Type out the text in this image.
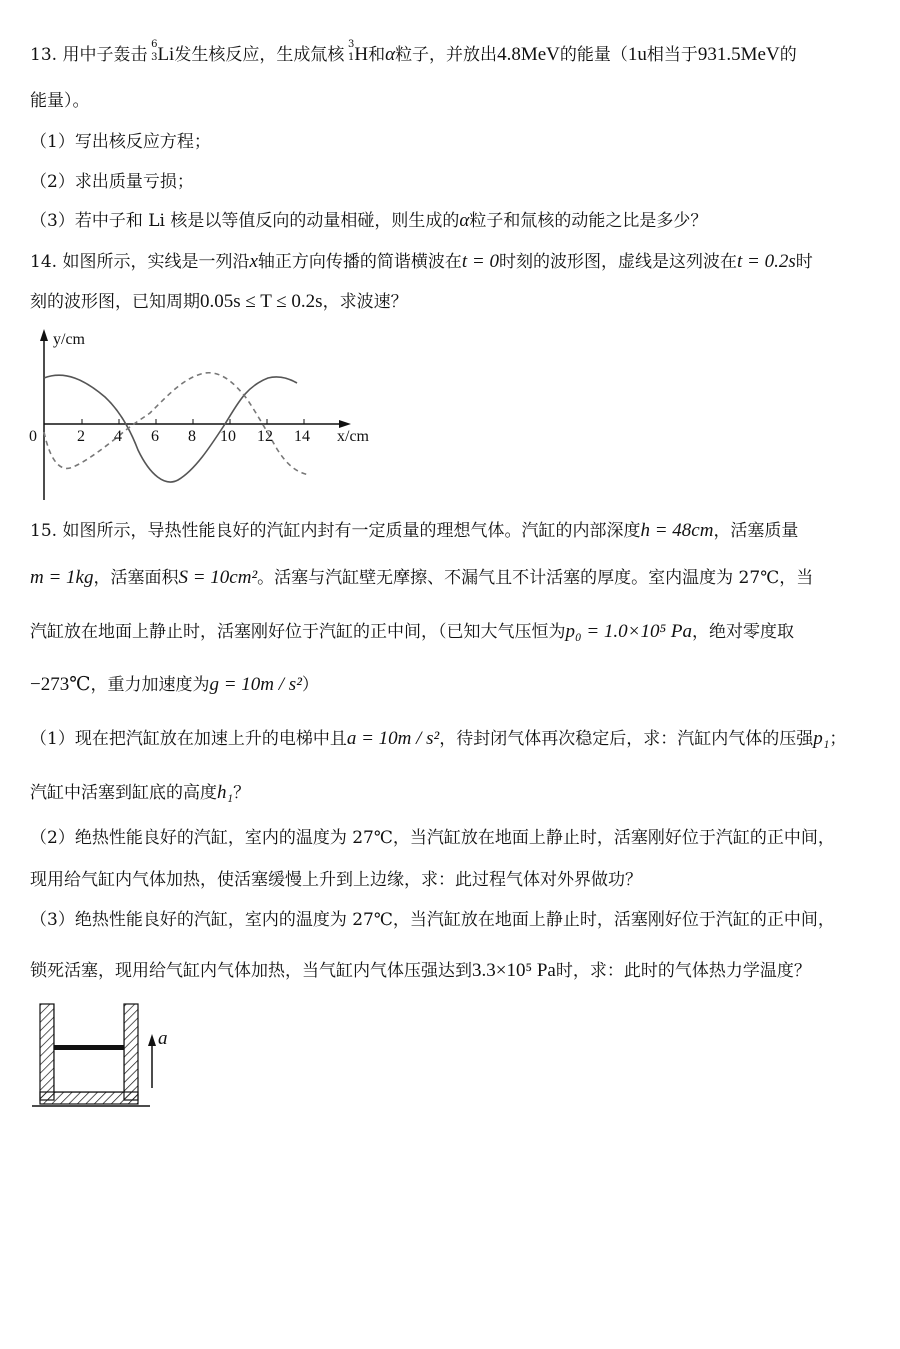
13. 用中子轰击
6
3 Li发生核反应，生成氚核
3
1 H和α粒子，并放出4.8MeV的能量（1u相当于931.5MeV的
能量）。
（1）写出核反应方程；
（2）求出质量亏损；
（3）若中子和 Li 核是以等值反向的动量相碰，则生成的α粒子和氚核的动能之比是多少？
14. 如图所示，实线是一列沿x轴正方向传播的简谐横波在t = 0时刻的波形图，虚线是这列波在t = 0.2s时
刻的波形图，已知周期0.05s ≤ T ≤ 0.2s，求波速？
y/cm
x/cm
0	2 4 6 8 10 12 14
15. 如图所示，导热性能良好的汽缸内封有一定质量的理想气体。汽缸的内部深度h = 48cm，活塞质量
m = 1kg，活塞面积S = 10cm²。活塞与汽缸壁无摩擦、不漏气且不计活塞的厚度。室内温度为 27℃，当
汽缸放在地面上静止时，活塞刚好位于汽缸的正中间，（已知大气压恒为p₀ = 1.0×10⁵ Pa，绝对零度取
−273℃，重力加速度为g = 10m / s²）
（1）现在把汽缸放在加速上升的电梯中且a = 10m / s²，待封闭气体再次稳定后，求：汽缸内气体的压强p₁；
汽缸中活塞到缸底的高度h₁？
（2）绝热性能良好的汽缸，室内的温度为 27℃，当汽缸放在地面上静止时，活塞刚好位于汽缸的正中间，
现用给气缸内气体加热，使活塞缓慢上升到上边缘，求：此过程气体对外界做功？
（3）绝热性能良好的汽缸，室内的温度为 27℃，当汽缸放在地面上静止时，活塞刚好位于汽缸的正中间，
锁死活塞，现用给气缸内气体加热，当气缸内气体压强达到3.3×10⁵ Pa时，求：此时的气体热力学温度？
a
